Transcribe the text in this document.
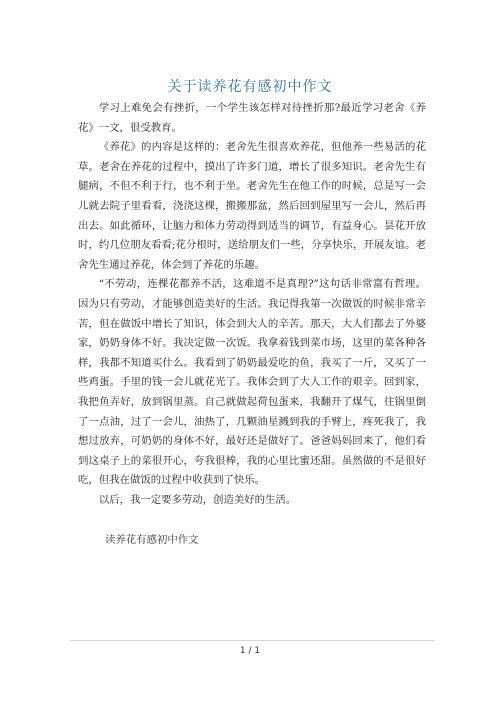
关于读养花有感初中作文

学习上难免会有挫折，一个学生该怎样对待挫折那?最近学习老舍《养花》一文，很受教育。

《养花》的内容是这样的：老舍先生很喜欢养花，但他养一些易活的花草。老舍在养花的过程中，摸出了许多门道，增长了很多知识。老舍先生有腿病，不但不利于行，也不利于坐。老舍先生在他工作的时候，总是写一会儿就去院子里看看，浇浇这棵，搬搬那盆，然后回到屋里写一会儿，然后再出去。如此循环，让脑力和体力劳动得到适当的调节，有益身心。昙花开放时，约几位朋友看看;花分根时，送给朋友们一些，分享快乐，开展友谊。老舍先生通过养花，体会到了养花的乐趣。

“不劳动，连棵花都养不活，这难道不是真理?”这句话非常富有哲理。因为只有劳动，才能够创造美好的生活。我记得我第一次做饭的时候非常辛苦，但在做饭中增长了知识，体会到大人的辛苦。那天，大人们都去了外婆家，奶奶身体不好。我决定做一次饭。我拿着钱到菜市场，这里的菜各种各样，我都不知道买什么。我看到了奶奶最爱吃的鱼，我买了一斤，又买了一些鸡蛋。手里的钱一会儿就花光了。我体会到了大人工作的艰辛。回到家，我把鱼弄好，放到锅里蒸。自己就做起荷包蛋来，我翻开了煤气，往锅里倒了一点油，过了一会儿，油热了，几颗油星溅到我的手臂上，疼死我了，我想过放弃，可奶奶的身体不好，最好还是做好了。爸爸妈妈回来了，他们看到这桌子上的菜很开心，夸我很棒，我的心里比蜜还甜。虽然做的不是很好吃，但我在做饭的过程中收获到了快乐。

以后，我一定要多劳动，创造美好的生活。

读养花有感初中作文
1 / 1
